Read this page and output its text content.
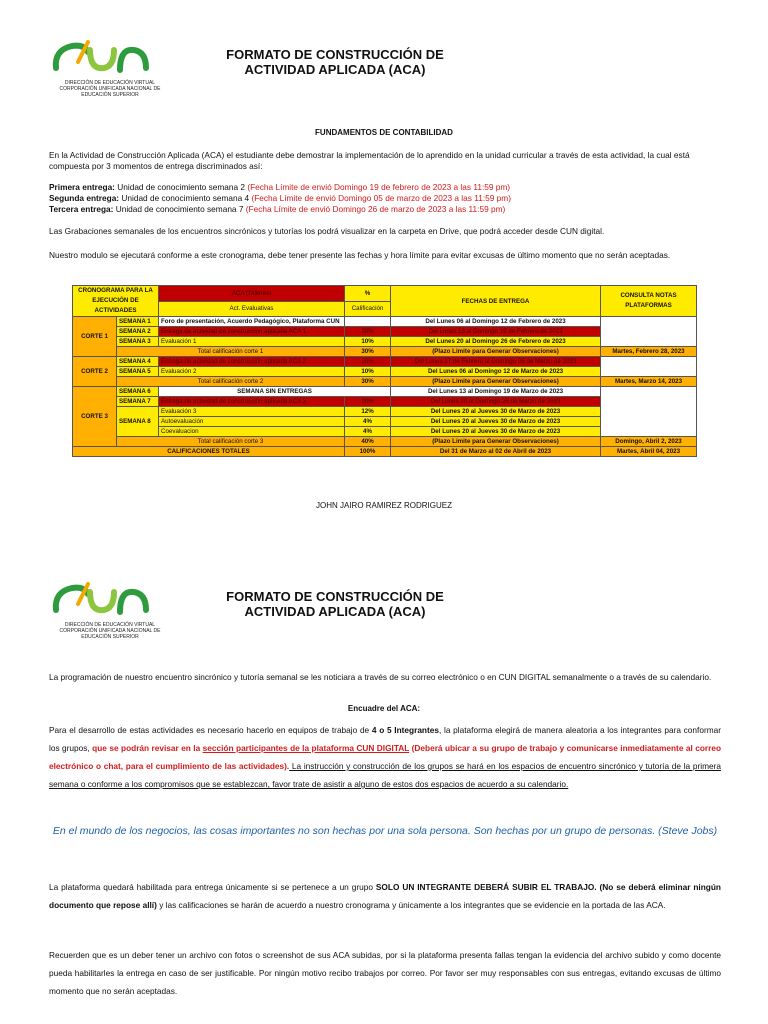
DIRECCIÓN DE EDUCACIÓN VIRTUAL
CORPORACIÓN UNIFICADA NACIONAL DE
EDUCACIÓN SUPERIOR
FORMATO DE CONSTRUCCIÓN DE
ACTIVIDAD APLICADA (ACA)
FUNDAMENTOS DE CONTABILIDAD
En la Actividad de Construcción Aplicada (ACA) el estudiante debe demostrar la implementación de lo aprendido en la unidad curricular a través de esta actividad, la cual está compuesta por 3 momentos de entrega discriminados así:
Primera entrega: Unidad de conocimiento semana 2 (Fecha Límite de envió Domingo 19 de febrero de 2023 a las 11:59 pm)
Segunda entrega: Unidad de conocimiento semana 4 (Fecha Límite de envió Domingo 05 de marzo de 2023 a las 11:59 pm)
Tercera entrega: Unidad de conocimiento semana 7 (Fecha Límite de envió Domingo 26 de marzo de 2023 a las 11:59 pm)
Las Grabaciones semanales de los encuentros sincrónicos y tutorías los podrá visualizar en la carpeta en Drive, que podrá acceder desde CUN digital.
Nuestro modulo se ejecutará conforme a este cronograma, debe tener presente las fechas y hora límite para evitar excusas de último momento que no serán aceptadas.
CRONOGRAMA PARA LA EJECUCIÓN DE ACTIVIDADES		ACA (Talleres)	%	FECHAS DE ENTREGA	CONSULTA NOTAS PLATAFORMAS
		Act. Evaluativas	Calificación		
CORTE 1	SEMANA 1	Foro de presentación, Acuerdo Pedagógico, Plataforma CUN		Del Lunes 06 al Domingo 12 de Febrero de 2023	
	SEMANA 2	Entrega de actividad de construcción aplicada ACA 1	20%	Del Lunes 13 al Domingo 19 de Febrero de 2023	
	SEMANA 3	Evaluación 1	10%	Del Lunes 20 al Domingo 26 de Febrero de 2023	
	Total calificación corte 1		30%	(Plazo Limite para Generar Observaciones)	Martes, Febrero 28, 2023
CORTE 2	SEMANA 4	Entrega de actividad de construcción aplicada ACA 2	20%	Del Lunes 27 de Febrero al Domingo 05 de Marzo de 2023	
	SEMANA 5	Evaluación 2	10%	Del Lunes 06 al Domingo 12 de Marzo de 2023	
	Total calificación corte 2		30%	(Plazo Limite para Generar Observaciones)	Martes, Marzo 14, 2023
CORTE 3	SEMANA 6	SEMANA SIN ENTREGAS		Del Lunes 13 al Domingo 19 de Marzo de 2023	
	SEMANA 7	Entrega de actividad de construcción aplicada ACA 3	20%	Del Lunes 20 al Domingo 26 de Marzo de 2023	
	SEMANA 8	Evaluación 3	12%	Del Lunes 20 al Jueves 30 de Marzo de 2023	
		Autoevaluación	4%	Del Lunes 20 al Jueves 30 de Marzo de 2023	
		Coevaluacion	4%	Del Lunes 20 al Jueves 30 de Marzo de 2023	
	Total calificación corte 3		40%	(Plazo Limite para Generar Observaciones)	Domingo, Abril 2, 2023
CALIFICACIONES TOTALES			100%	Del 31 de Marzo al 02 de Abril de 2023	Martes, Abril 04, 2023
JOHN JAIRO RAMIREZ RODRIGUEZ
DIRECCIÓN DE EDUCACIÓN VIRTUAL
CORPORACIÓN UNIFICADA NACIONAL DE
EDUCACIÓN SUPERIOR
FORMATO DE CONSTRUCCIÓN DE
ACTIVIDAD APLICADA (ACA)
La programación de nuestro encuentro sincrónico y tutoría semanal se les noticiara a través de su correo electrónico o en CUN DIGITAL semanalmente o a través de su calendario.
Encuadre del ACA:
Para el desarrollo de estas actividades es necesario hacerlo en equipos de trabajo de 4 o 5 Integrantes, la plataforma elegirá de manera aleatoria a los integrantes para conformar los grupos, que se podrán revisar en la sección participantes de la plataforma CUN DIGITAL (Deberá ubicar a su grupo de trabajo y comunicarse inmediatamente al correo electrónico o chat, para el cumplimiento de las actividades). La instrucción y construcción de los grupos se hará en los espacios de encuentro sincrónico y tutoría de la primera semana o conforme a los compromisos que se establezcan, favor trate de asistir a alguno de estos dos espacios de acuerdo a su calendario.
En el mundo de los negocios, las cosas importantes no son hechas por una sola persona. Son hechas por un grupo de personas. (Steve Jobs)
La plataforma quedará habilitada para entrega únicamente si se pertenece a un grupo SOLO UN INTEGRANTE DEBERÁ SUBIR EL TRABAJO. (No se deberá eliminar ningún documento que repose allí) y las calificaciones se harán de acuerdo a nuestro cronograma y únicamente a los integrantes que se evidencie en la portada de las ACA.
Recuerden que es un deber tener un archivo con fotos o screenshot de sus ACA subidas, por si la plataforma presenta fallas tengan la evidencia del archivo subido y como docente pueda habilitarles la entrega en caso de ser justificable. Por ningún motivo recibo trabajos por correo. Por favor ser muy responsables con sus entregas, evitando excusas de último momento que no serán aceptadas.
